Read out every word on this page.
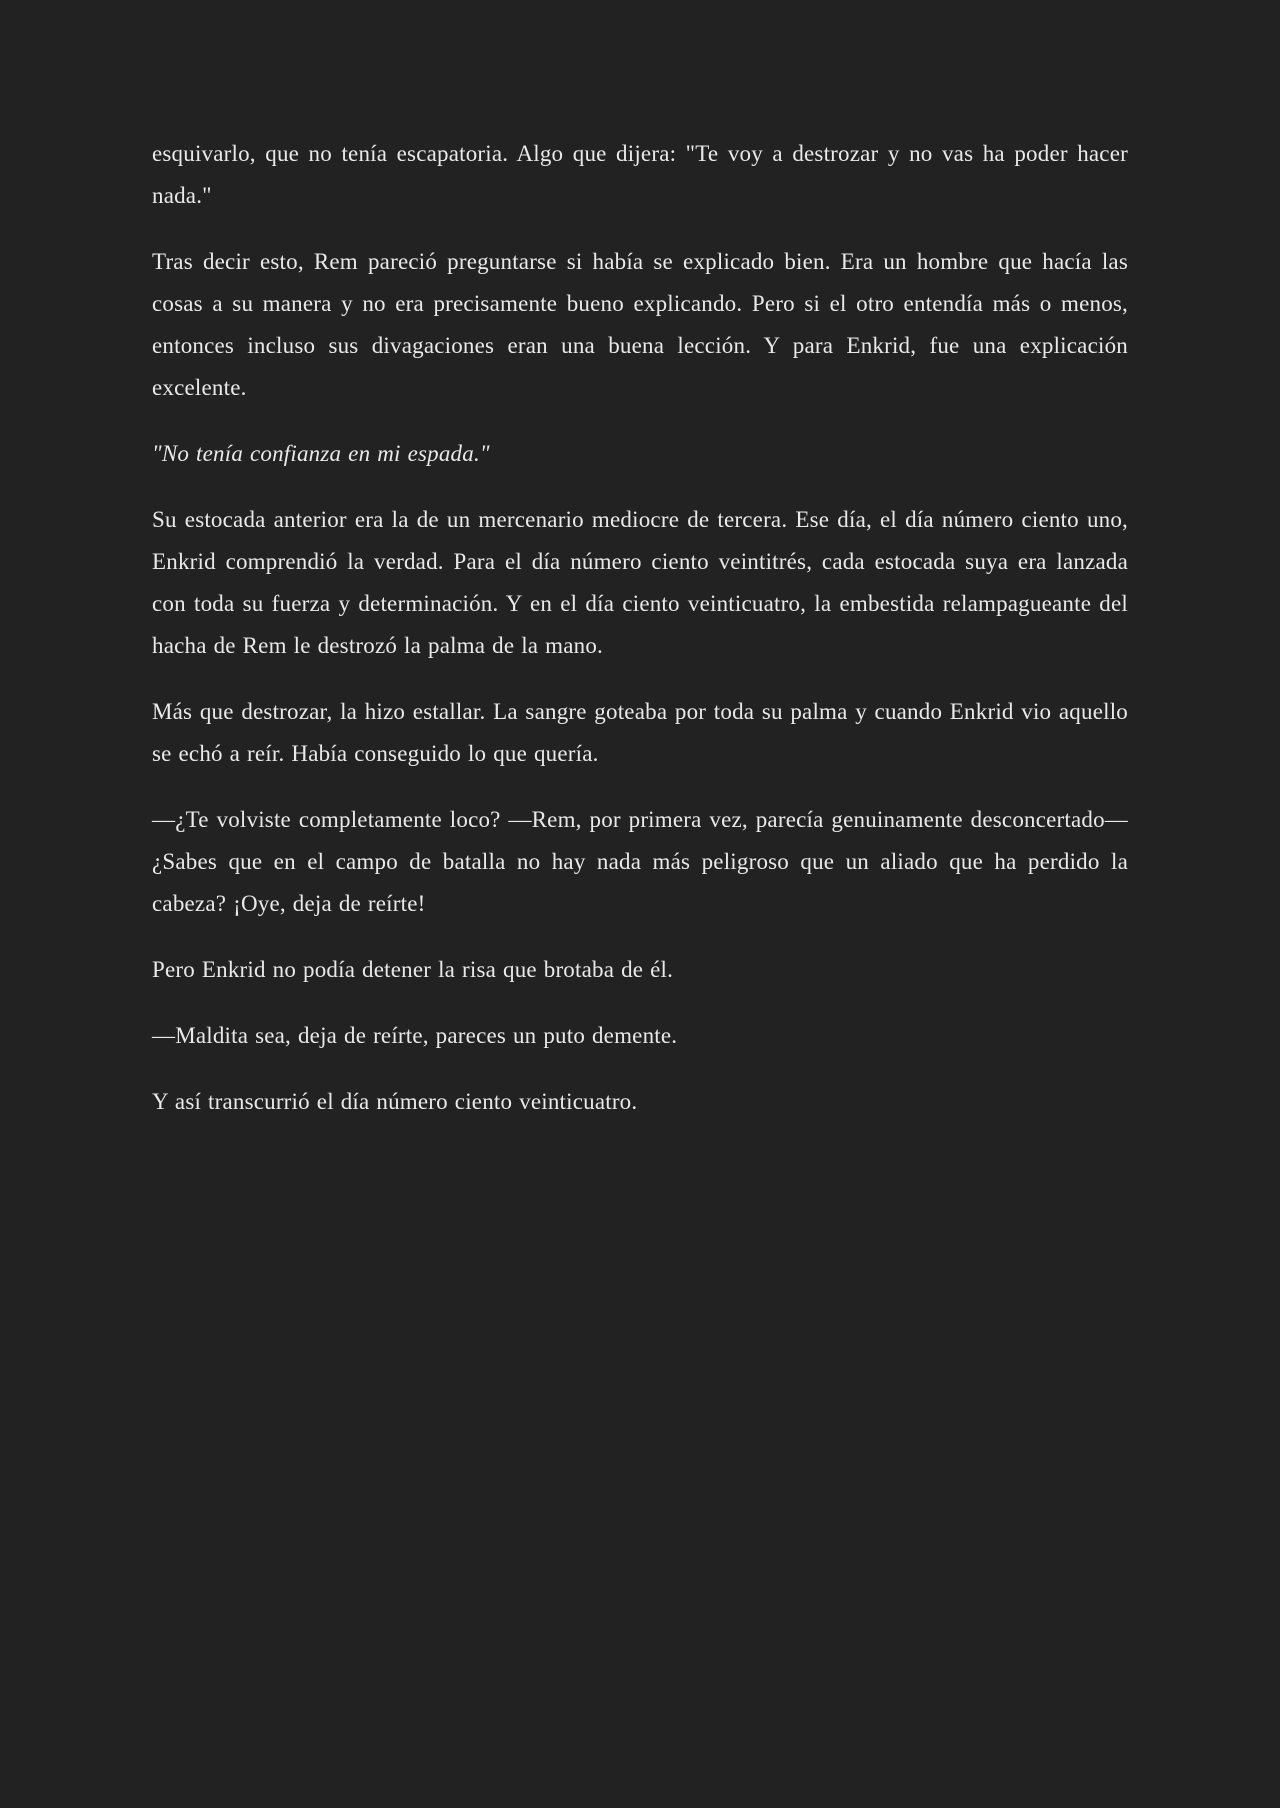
esquivarlo, que no tenía escapatoria. Algo que dijera: "Te voy a destrozar y no vas ha poder hacer nada."

Tras decir esto, Rem pareció preguntarse si había se explicado bien. Era un hombre que hacía las cosas a su manera y no era precisamente bueno explicando. Pero si el otro entendía más o menos, entonces incluso sus divagaciones eran una buena lección. Y para Enkrid, fue una explicación excelente.

"No tenía confianza en mi espada."

Su estocada anterior era la de un mercenario mediocre de tercera. Ese día, el día número ciento uno, Enkrid comprendió la verdad. Para el día número ciento veintitrés, cada estocada suya era lanzada con toda su fuerza y determinación. Y en el día ciento veinticuatro, la embestida relampagueante del hacha de Rem le destrozó la palma de la mano.

Más que destrozar, la hizo estallar. La sangre goteaba por toda su palma y cuando Enkrid vio aquello se echó a reír. Había conseguido lo que quería.

—¿Te volviste completamente loco? —Rem, por primera vez, parecía genuinamente desconcertado— ¿Sabes que en el campo de batalla no hay nada más peligroso que un aliado que ha perdido la cabeza? ¡Oye, deja de reírte!

Pero Enkrid no podía detener la risa que brotaba de él.

—Maldita sea, deja de reírte, pareces un puto demente.

Y así transcurrió el día número ciento veinticuatro.
